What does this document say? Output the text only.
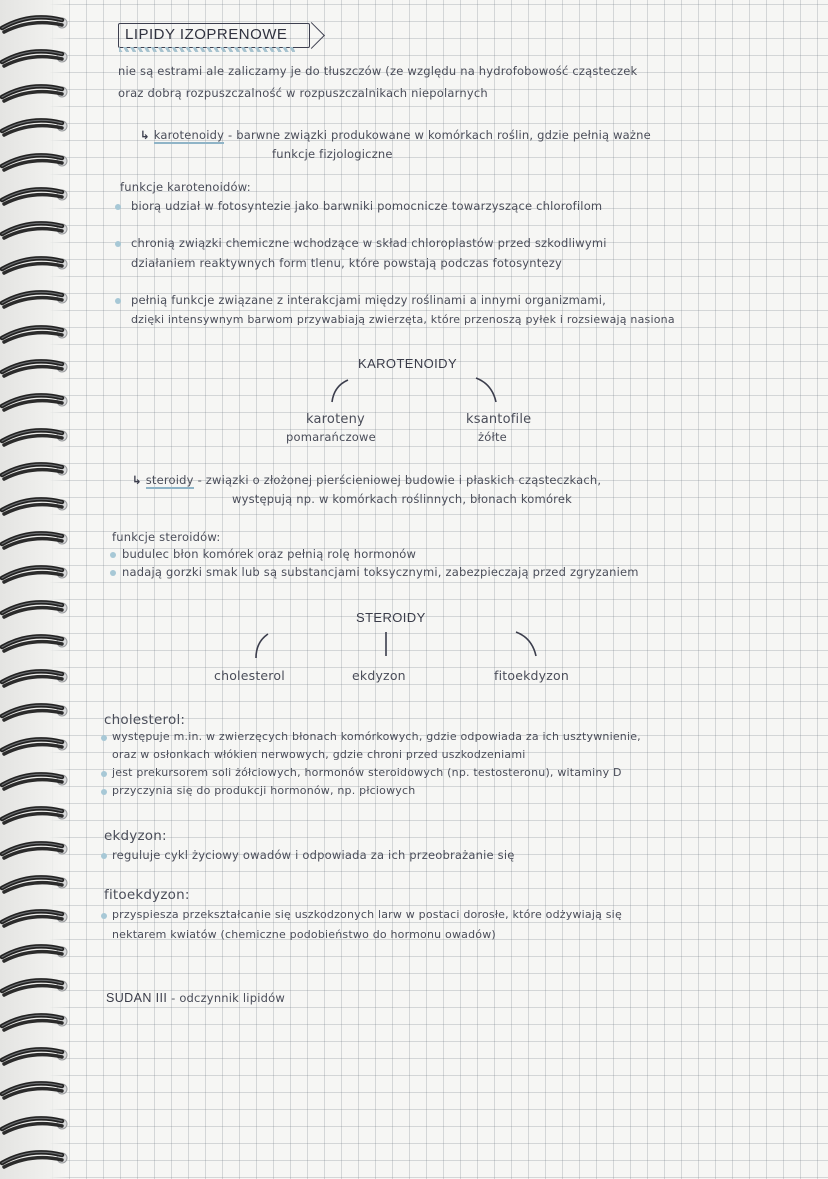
LIPIDY IZOPRENOWE
nie są estrami ale zaliczamy je do tłuszczów (ze względu na hydrofobowość cząsteczek
oraz dobrą rozpuszczalność w rozpuszczalnikach niepolarnych
↳ karotenoidy - barwne związki produkowane w komórkach roślin, gdzie pełnią ważne
funkcje fizjologiczne
funkcje karotenoidów:
biorą udział w fotosyntezie jako barwniki pomocnicze towarzyszące chlorofilom
chronią związki chemiczne wchodzące w skład chloroplastów przed szkodliwymi
działaniem reaktywnych form tlenu, które powstają podczas fotosyntezy
pełnią funkcje związane z interakcjami między roślinami a innymi organizmami,
dzięki intensywnym barwom przywabiają zwierzęta, które przenoszą pyłek i rozsiewają nasiona
KAROTENOIDY
karoteny
pomarańczowe
ksantofile
żółte
↳ steroidy - związki o złożonej pierścieniowej budowie i płaskich cząsteczkach,
występują np. w komórkach roślinnych, błonach komórek
funkcje steroidów:
budulec błon komórek oraz pełnią rolę hormonów
nadają gorzki smak lub są substancjami toksycznymi, zabezpieczają przed zgryzaniem
STEROIDY
cholesterol	ekdyzon	fitoekdyzon
cholesterol:
występuje m.in. w zwierzęcych błonach komórkowych, gdzie odpowiada za ich usztywnienie,
oraz w osłonkach włókien nerwowych, gdzie chroni przed uszkodzeniami
jest prekursorem soli żółciowych, hormonów steroidowych (np. testosteronu), witaminy D
przyczynia się do produkcji hormonów, np. płciowych
ekdyzon:
reguluje cykl życiowy owadów i odpowiada za ich przeobrażanie się
fitoekdyzon:
przyspiesza przekształcanie się uszkodzonych larw w postaci dorosłe, które odżywiają się
nektarem kwiatów (chemiczne podobieństwo do hormonu owadów)
SUDAN III - odczynnik lipidów
